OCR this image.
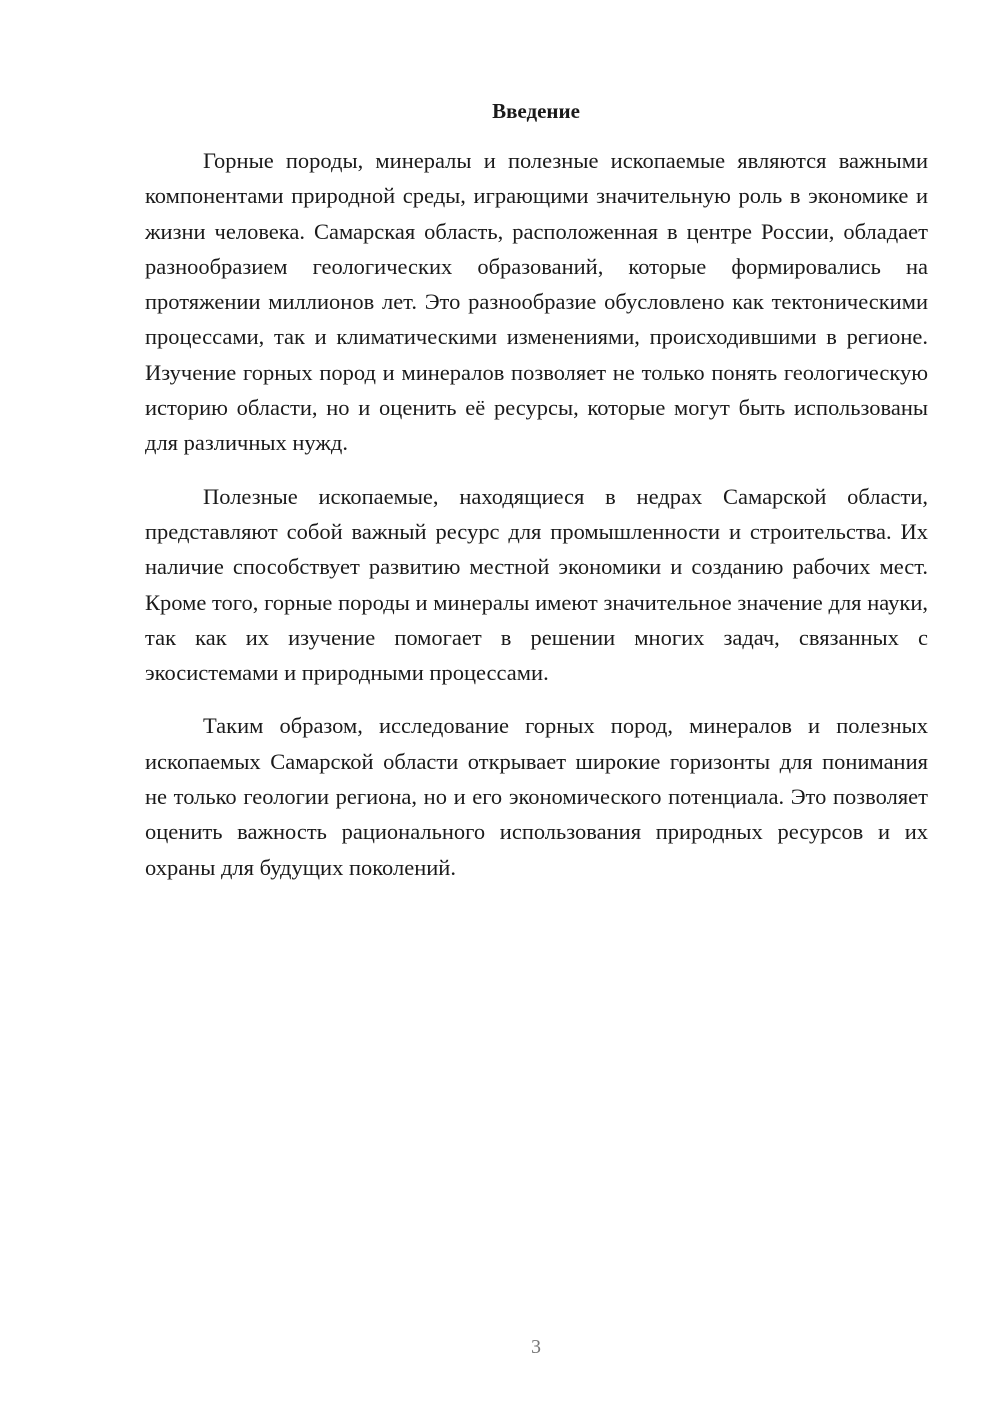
Введение

Горные породы, минералы и полезные ископаемые являются важными компонентами природной среды, играющими значительную роль в экономике и жизни человека. Самарская область, расположенная в центре России, обладает разнообразием геологических образований, которые формировались на протяжении миллионов лет. Это разнообразие обусловлено как тектоническими процессами, так и климатическими изменениями, происходившими в регионе. Изучение горных пород и минералов позволяет не только понять геологическую историю области, но и оценить её ресурсы, которые могут быть использованы для различных нужд.

Полезные ископаемые, находящиеся в недрах Самарской области, представляют собой важный ресурс для промышленности и строительства. Их наличие способствует развитию местной экономики и созданию рабочих мест. Кроме того, горные породы и минералы имеют значительное значение для науки, так как их изучение помогает в решении многих задач, связанных с экосистемами и природными процессами.

Таким образом, исследование горных пород, минералов и полезных ископаемых Самарской области открывает широкие горизонты для понимания не только геологии региона, но и его экономического потенциала. Это позволяет оценить важность рационального использования природных ресурсов и их охраны для будущих поколений.

3
